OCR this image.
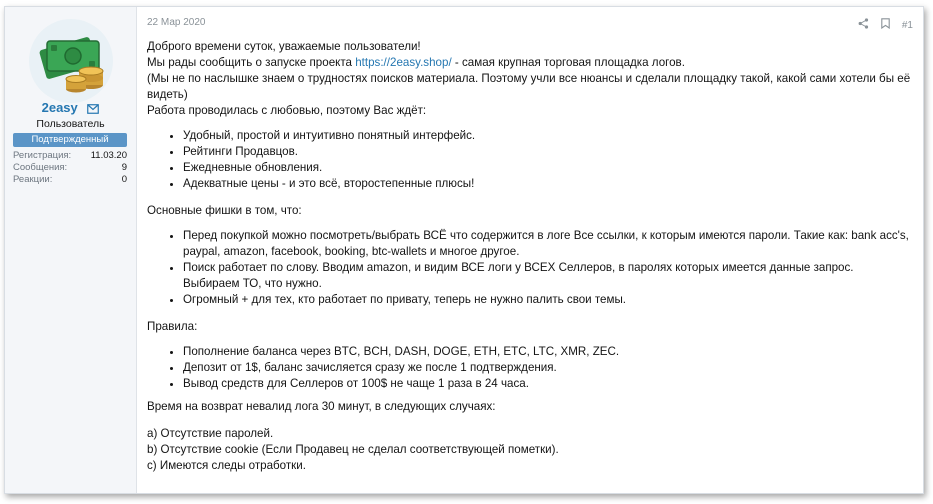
2easy
Пользователь
Подтвержденный
Регистрация: 11.03.20
Сообщения:	9
Реакции:	0
22 Мар 2020	#1

Доброго времени суток, уважаемые пользователи!

Мы рады сообщить о запуске проекта https://2easy.shop/ - самая крупная торговая площадка логов.

(Мы не по наслышке знаем о трудностях поисков материала. Поэтому учли все нюансы и сделали площадку такой, какой сами хотели бы её видеть)

Работа проводилась с любовью, поэтому Вас ждёт:

• Удобный, простой и интуитивно понятный интерфейс.
• Рейтинги Продавцов.
• Ежедневные обновления.
• Адекватные цены - и это всё, второстепенные плюсы!

Основные фишки в том, что:

• Перед покупкой можно посмотреть/выбрать ВСЁ что содержится в логе Все ссылки, к которым имеются пароли. Такие как: bank acc's, paypal, amazon, facebook, booking, btc-wallets и многое другое.
• Поиск работает по слову. Вводим amazon, и видим ВСЕ логи у ВСЕХ Селлеров, в паролях которых имеется данные запрос. Выбираем ТО, что нужно.
• Огромный + для тех, кто работает по привату, теперь не нужно палить свои темы.

Правила:

• Пополнение баланса через BTC, BCH, DASH, DOGE, ETH, ETC, LTC, XMR, ZEC.
• Депозит от 1$, баланс зачисляется сразу же после 1 подтверждения.
• Вывод средств для Селлеров от 100$ не чаще 1 раза в 24 часа.

Время на возврат невалид лога 30 минут, в следующих случаях:

а) Отсутствие паролей.

b) Отсутствие cookie (Если Продавец не сделал соответствующей пометки).

с) Имеются следы отработки.
